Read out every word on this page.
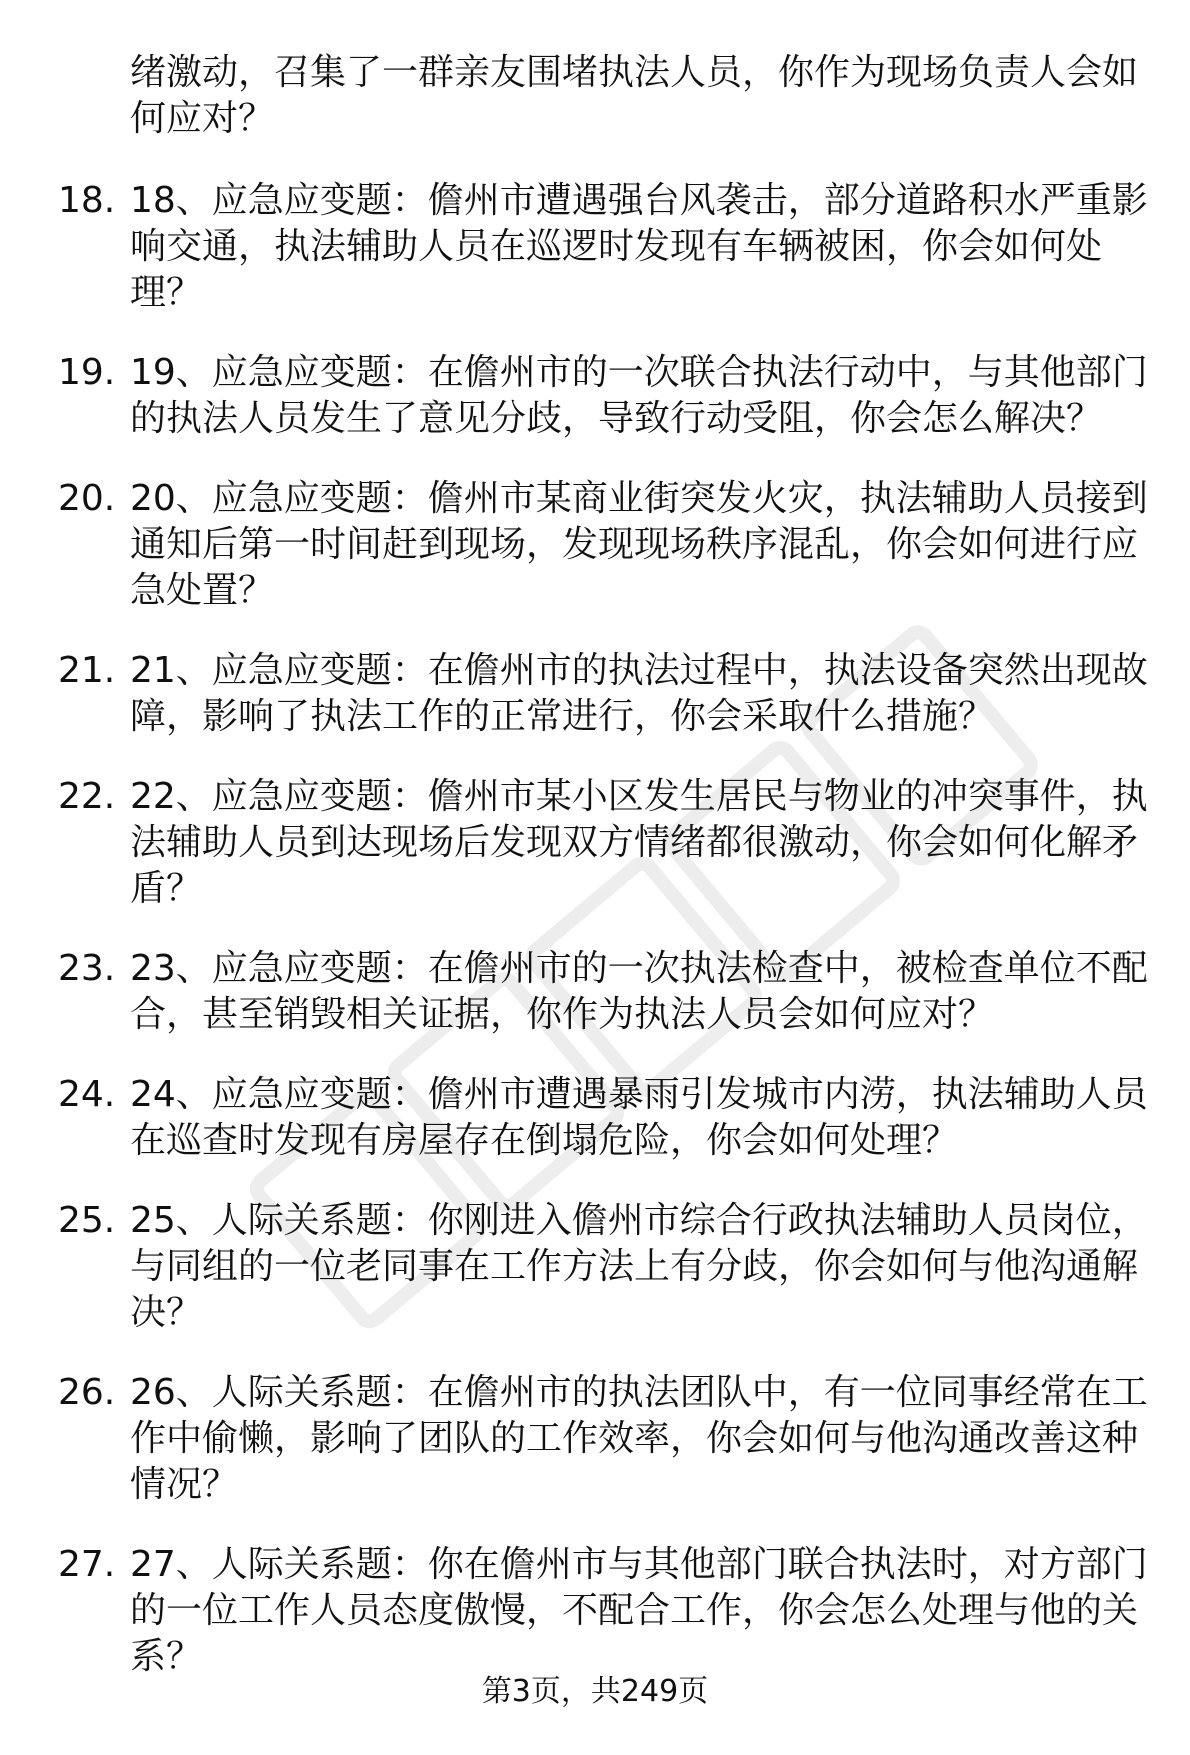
绪激动，召集了一群亲友围堵执法人员，你作为现场负责人会如何应对？

18. 18、应急应变题：儋州市遭遇强台风袭击，部分道路积水严重影响交通，执法辅助人员在巡逻时发现有车辆被困，你会如何处理？
19. 19、应急应变题：在儋州市的一次联合执法行动中，与其他部门的执法人员发生了意见分歧，导致行动受阻，你会怎么解决？
20. 20、应急应变题：儋州市某商业街突发火灾，执法辅助人员接到通知后第一时间赶到现场，发现现场秩序混乱，你会如何进行应急处置？
21. 21、应急应变题：在儋州市的执法过程中，执法设备突然出现故障，影响了执法工作的正常进行，你会采取什么措施？
22. 22、应急应变题：儋州市某小区发生居民与物业的冲突事件，执法辅助人员到达现场后发现双方情绪都很激动，你会如何化解矛盾？
23. 23、应急应变题：在儋州市的一次执法检查中，被检查单位不配合，甚至销毁相关证据，你作为执法人员会如何应对？
24. 24、应急应变题：儋州市遭遇暴雨引发城市内涝，执法辅助人员在巡查时发现有房屋存在倒塌危险，你会如何处理？
25. 25、人际关系题：你刚进入儋州市综合行政执法辅助人员岗位，与同组的一位老同事在工作方法上有分歧，你会如何与他沟通解决？
26. 26、人际关系题：在儋州市的执法团队中，有一位同事经常在工作中偷懒，影响了团队的工作效率，你会如何与他沟通改善这种情况？
27. 27、人际关系题：你在儋州市与其他部门联合执法时，对方部门的一位工作人员态度傲慢，不配合工作，你会怎么处理与他的关系？
第3页，共249页
